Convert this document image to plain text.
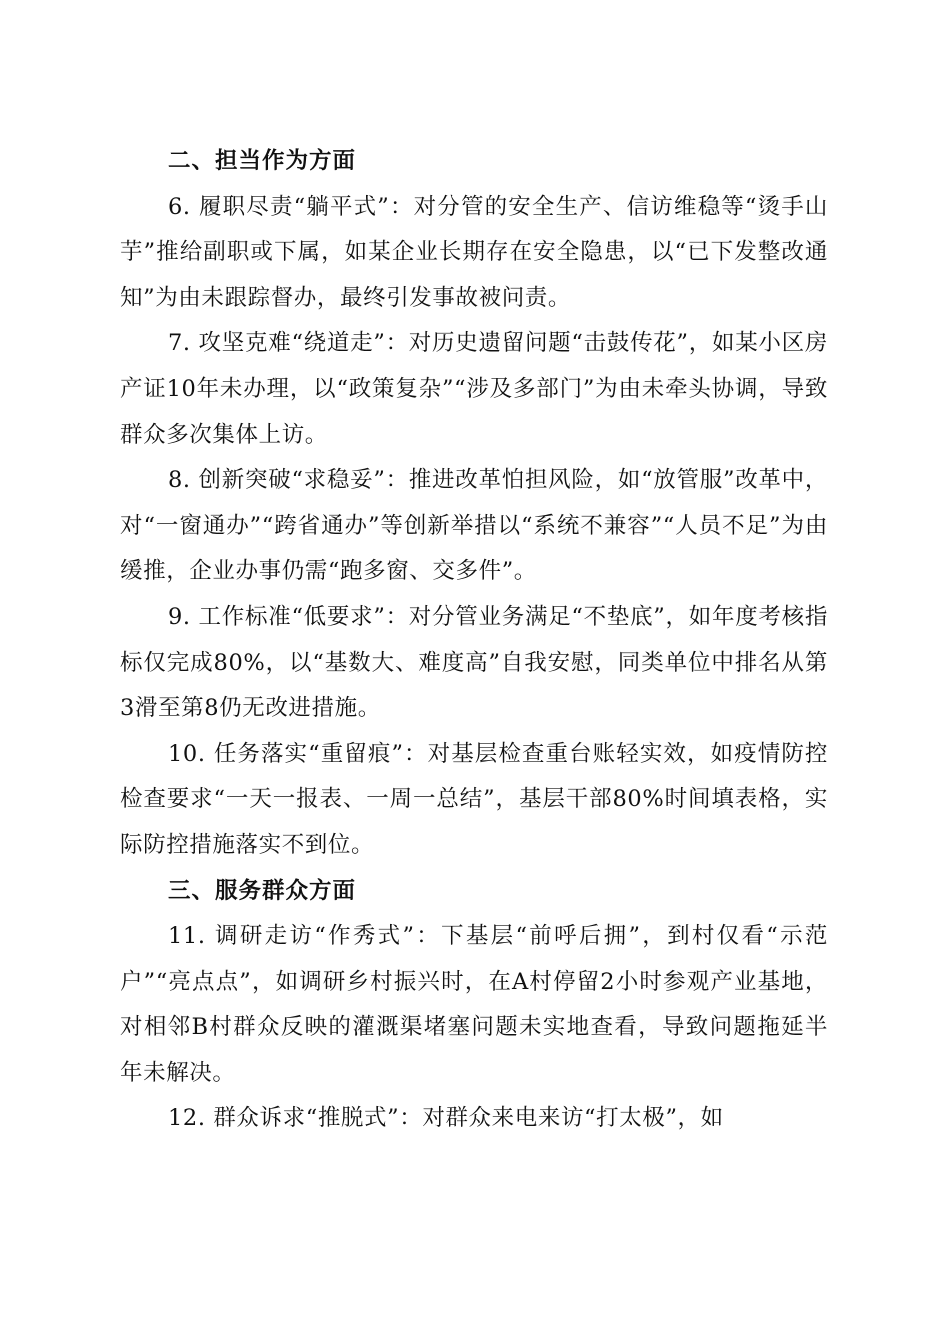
二、担当作为方面

6. 履职尽责“躺平式”：对分管的安全生产、信访维稳等“烫手山芋”推给副职或下属，如某企业长期存在安全隐患，以“已下发整改通知”为由未跟踪督办，最终引发事故被问责。

7. 攻坚克难“绕道走”：对历史遗留问题“击鼓传花”，如某小区房产证10年未办理，以“政策复杂”“涉及多部门”为由未牵头协调，导致群众多次集体上访。

8. 创新突破“求稳妥”：推进改革怕担风险，如“放管服”改革中，对“一窗通办”“跨省通办”等创新举措以“系统不兼容”“人员不足”为由缓推，企业办事仍需“跑多窗、交多件”。

9. 工作标准“低要求”：对分管业务满足“不垫底”，如年度考核指标仅完成80%，以“基数大、难度高”自我安慰，同类单位中排名从第3滑至第8仍无改进措施。

10. 任务落实“重留痕”：对基层检查重台账轻实效，如疫情防控检查要求“一天一报表、一周一总结”，基层干部80%时间填表格，实际防控措施落实不到位。

三、服务群众方面

11. 调研走访“作秀式”：下基层“前呼后拥”，到村仅看“示范户”“亮点点”，如调研乡村振兴时，在A村停留2小时参观产业基地，对相邻B村群众反映的灌溉渠堵塞问题未实地查看，导致问题拖延半年未解决。

12. 群众诉求“推脱式”：对群众来电来访“打太极”，如
